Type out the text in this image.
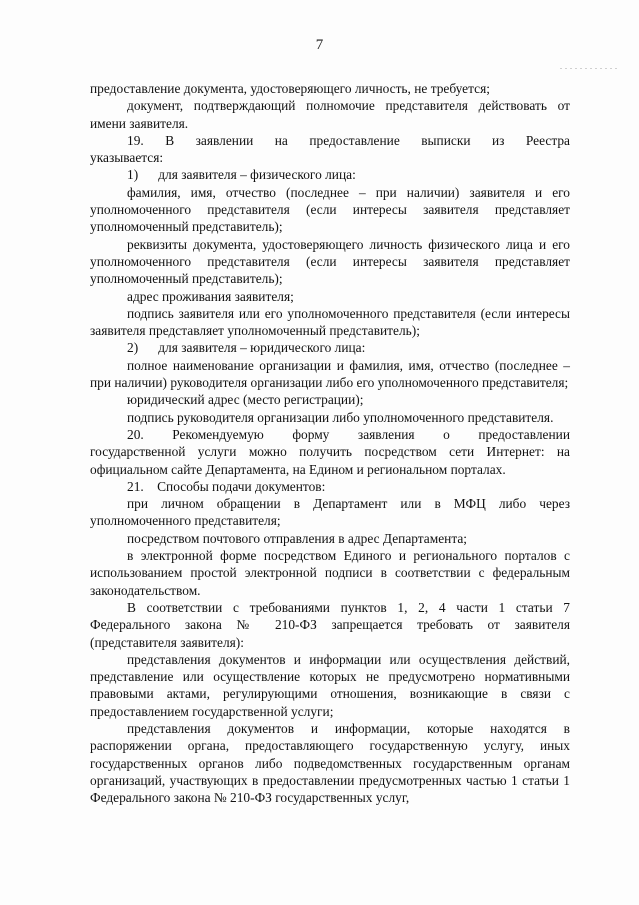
7

предоставление документа, удостоверяющего личность, не требуется;

документ, подтверждающий полномочие представителя действовать от имени заявителя.

19.    В    заявлении    на    предоставление    выписки    из    Реестра указывается:

1)      для заявителя – физического лица:

фамилия, имя, отчество (последнее – при наличии) заявителя и его уполномоченного представителя (если интересы заявителя представляет уполномоченный представитель);

реквизиты документа, удостоверяющего личность физического лица и его уполномоченного представителя (если интересы заявителя представляет уполномоченный представитель);

адрес проживания заявителя;

подпись заявителя или его уполномоченного представителя (если интересы заявителя представляет уполномоченный представитель);

2)      для заявителя – юридического лица:

полное наименование организации и фамилия, имя, отчество (последнее – при наличии) руководителя организации либо его уполномоченного представителя;

юридический адрес (место регистрации);

подпись руководителя организации либо уполномоченного представителя.

20.    Рекомендуемую    форму    заявления    о    предоставлении государственной услуги можно получить посредством сети Интернет: на официальном сайте Департамента, на Едином и региональном порталах.

21.    Способы подачи документов:

при личном обращении в Департамент или в МФЦ либо через уполномоченного представителя;

посредством почтового отправления в адрес Департамента;

в электронной форме посредством Единого и регионального порталов с использованием простой электронной подписи в соответствии с федеральным законодательством.

В соответствии с требованиями пунктов 1, 2, 4 части 1 статьи 7 Федерального закона № 210-ФЗ запрещается требовать от заявителя (представителя заявителя):

представления документов и информации или осуществления действий, представление или осуществление которых не предусмотрено нормативными правовыми актами, регулирующими отношения, возникающие в связи с предоставлением государственной услуги;

представления документов и информации, которые находятся в распоряжении органа, предоставляющего государственную услугу, иных государственных органов либо подведомственных государственным органам организаций, участвующих в предоставлении предусмотренных частью 1 статьи 1 Федерального закона № 210-ФЗ государственных услуг,
